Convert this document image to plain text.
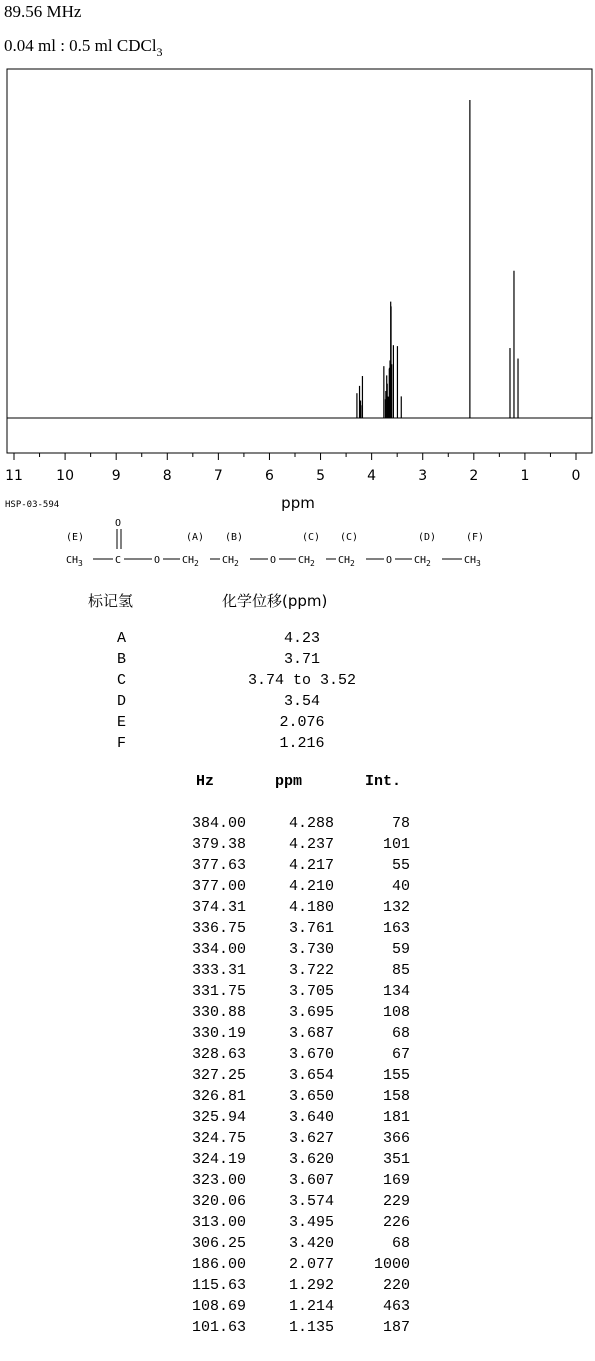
89.56 MHz
0.04 ml : 0.5 ml CDCl$_3$
11 10	9	8	7	6	5	4	3	2	1	0
ppm
HSP-03-594
(E)	(A) (B)	(C) (C)	(D)	(F)
O
$CH_3$	C	O $CH_2$ $CH_2$	O $CH_2$ $CH_2$	O $CH_2$	$CH_3$
标记氢	化学位移(ppm)
A	4.23
B	3.71
C	3.74 to 3.52
D	3.54
E	2.076
F	1.216
Hz	ppm	Int.
384.00	4.288	78
379.38	4.237	101
377.63	4.217	55
377.00	4.210	40
374.31	4.180	132
336.75	3.761	163
334.00	3.730	59
333.31	3.722	85
331.75	3.705	134
330.88	3.695	108
330.19	3.687	68
328.63	3.670	67
327.25	3.654	155
326.81	3.650	158
325.94	3.640	181
324.75	3.627	366
324.19	3.620	351
323.00	3.607	169
320.06	3.574	229
313.00	3.495	226
306.25	3.420	68
186.00	2.077	1000
115.63	1.292	220
108.69	1.214	463
101.63	1.135	187
